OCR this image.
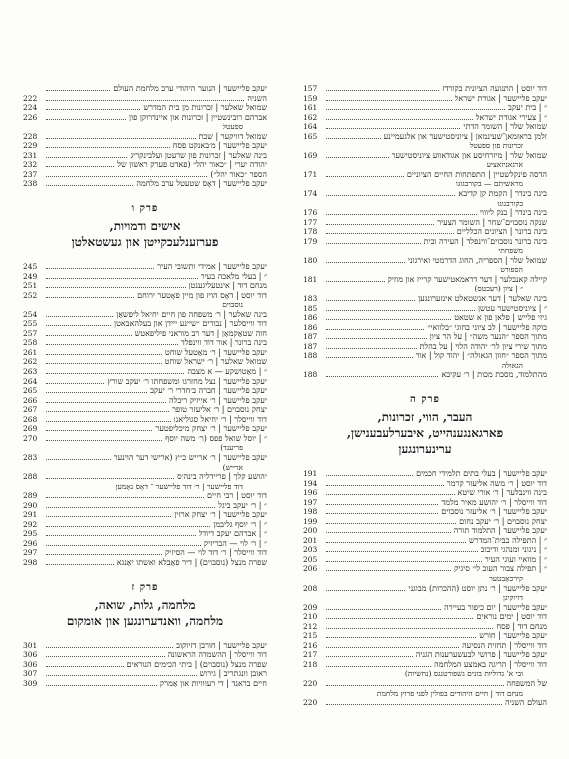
דוד יוסט | התנועה הציונית בקורדז
157
יעקב פליישער | אגודת ישראל
159
״ | בית יעקב
161
״ | צעירי אגודת ישראל
162
שמואל שלר | השומר הדתי
164
זלמן בראזמאן־שעינמאן | ציוניסטישער און אלגעמיינע
165
זכרונות פון ספעטל
שמואל שלר | מיזרחיסע און אגודאווע ציוניסטישער
169
ארגאניזאציע
הדסה פינקלשטיין | התפתחות החיים הציוניים
171
מראשיתם — בקורבגוגו
בינה בינדר | הקמת קן קדיבא
174
בקורבגוגו
בינה בינדר | בנק ליוווי
176
שנקה נוסבוים־שחר | השומר הצעיר
177
בינה ברונר | הציונים הכלליים
178
בינה ברונר נוסבוים־ווינפלד | העירה ובית
179
משפחתי
שמואל שלר | הספריה, החוג הדרמטי ואירגוני
180
הספורט
קיילה קאנבלער | דער דראמאטישער קרייז און מוזיק
181
״ | ציון (רעכטס)
בינה שאלער | דער אנשטאלט אינזערונגען
183
״ | ציוניסטישער עטשן
185
גיזי פלייש | פלאן פון א שטאט
186
בוקה פליישער | לב ציוני בחוגי ״בלוואי״
186
מתוך הספר ״הנער משה״ | על הר ציון
187
מתוך שירי ציון לר׳ יהודה הלוי | על בהלת
187
מתוך הספר ״חוון הגאולה״ | יהוד קול | אור
188
הגאולה
מהתלמוד, מסכת מכות | ר׳ עקיבא
188
פרק ה
העבר, הווי, זכרונות,
פארגאנגענהייט, איבערלעבענישן,
ערינערונגען
יעקב פליישער | בעלי בתים תלמידי חכמים
191
דוד יוסט | ר׳ משה אליעזר קרמר
194
בינה ווינבלער | ר׳ אורי שיטא
196
דוד ווייסלר | ר׳ יהושע מאיר מלמד
197
יעקב פליישער | ר׳ אליעזר נוסבוים
198
יצחק נוסבוים | ר׳ יעקב נחום
199
יעקב פליישער | התלמוד תורה
200
״ | התפילה בבית־המדרש
201
״ | ניגוני ומנהגי ודיבוב
203
״ | מוואיי ועוגי העיר
205
״ | תפילה צבור העוב לי׳ סיגיק
206
קירכאַבטער
יעקב פליישער | ר׳ נתן יוסט (ההכרות) מבוגני
208
דזיוקיגן
יעקב פליישער | יום כיפור בעיירה
209
דוד יוסט | ימים נוראים
210
מנחם דוד | פסח
212
יעקב פליישער | חורש
215
דוד ווייסלר | תחזית הנסיעה
216
יעקב פליישער | פרושי לבעשערענות הגניה
217
דוד ווייסלר | הריגה באמצע המלחמה
218
ובי א' גדוליות בונים גשפורטנגס (נחשיות)
של המשפחה
220
מנחם דוד | חיים היהודים בפולין לפני פרוץ מלחמת
העולם השניה
220
יעקב פליישער | הנוער היהודי ערב מלחמת העולם
השניה
222
שמואל שאלער | זכרונות מן בית המדרש
224
אברהם רובינשטיין | זכרונות און איינדרוקן פון
226
ספעטל
שמואל דוויקער | שבת
228
יעקב פליישער | מ׳באנקט פסח
229
בינה שאלער | זכרונות פון שרעטן ועלבינקריג
231
יהודה יערי | ״כאור יהל״ (פאדט פערק ראשון של
232
הספר ״כאור יהל״)
237
יעקב פליישער | דאָס שטעטל ערב מלחמה
238
פרק ו
אישים ודמויות,
פערזענלעכקייטן און געשטאלטן
יעקב פליישער | אמידי ותשובי העיר
245
״ | בעלי מלאכה בעיר
249
מנחם דוד | אינטעליגענטן
251
דוד יוסט | דאָס הויז פון מיין פאָטער ירוחם
252
נוסבוים
בינה שאלער | ר׳ משפחה פון חיים יחיאל ליפשאַן
254
דוד ווייסלער | נבורים ״שיינע ייידן און בעלהאבאטן
255
חוה שטאַקמאַן | דער רב מוראני פיליפאטש
257
בינה ברונר | אור דוד ווינפלד
258
יעקב פליישער | ר׳ מאַטעל שוחט
261
שמואל שאלער | ר׳ ישראל שוחט
262
״ | מאַטושקע — א מצבה
263
יעקב פליישער | נצל מחזרגו ומשפחתו ר׳ יעקב שורץ
264
יעקב פליישער | חברה ב׳חדרי ר׳ יעקב
265
יעקב פליישער | ר׳ אייזיק ריבלה
266
יצחק נוסבוים | ר׳ אליעזר טופר
267
דוד ווייסלר | ר׳ יחיאל סגוליאנו
268
יעקב פליישער | ר׳ יצחק מיכליפטער
269
״ | יוסל שואל פפס (ר׳ משה יוסף
270
פריענד)
יעקב פליישער | ר׳ ארייש כ״ץ (ארישי דער הוינער
283
ארייש)
יהושע קלך | פריידליה בינה׳ס
288
דוד פליישער | ר׳ דוד פליישער ־ דאָס נאָמען
דוד יוסט | רבי חיים
289
״ | ר׳ יעקב ביגל
290
יעקב פליישער | ר׳ יצחק ארזין
291
״ | ר׳ יוסף גליבמן
292
״ | אברהם יעקב דיודל
295
״ | ר׳ לוי — הבריזיק
296
דוד ווייסלר | ר׳ דוד לוי — הסיזיק
297
שפרה מנצל (נוסבוים) | דיר פאַבלא ואשתו יאַנגא
298
פרק ז
מלחמה, גלות, שואה,
מלחמה, וואנדערונגען און אומקום
יעקב פליישער | חורבן דזיוקוב
301
דוד ווייסלר | ההשמדה הראשונה
306
שפרה מנצל (נוסבוים) | ביתי הכימים הנוראים
306
ראובן וונגתריב | גירוש
307
חיים בראנד | די רעווויות און אַמרק
309
